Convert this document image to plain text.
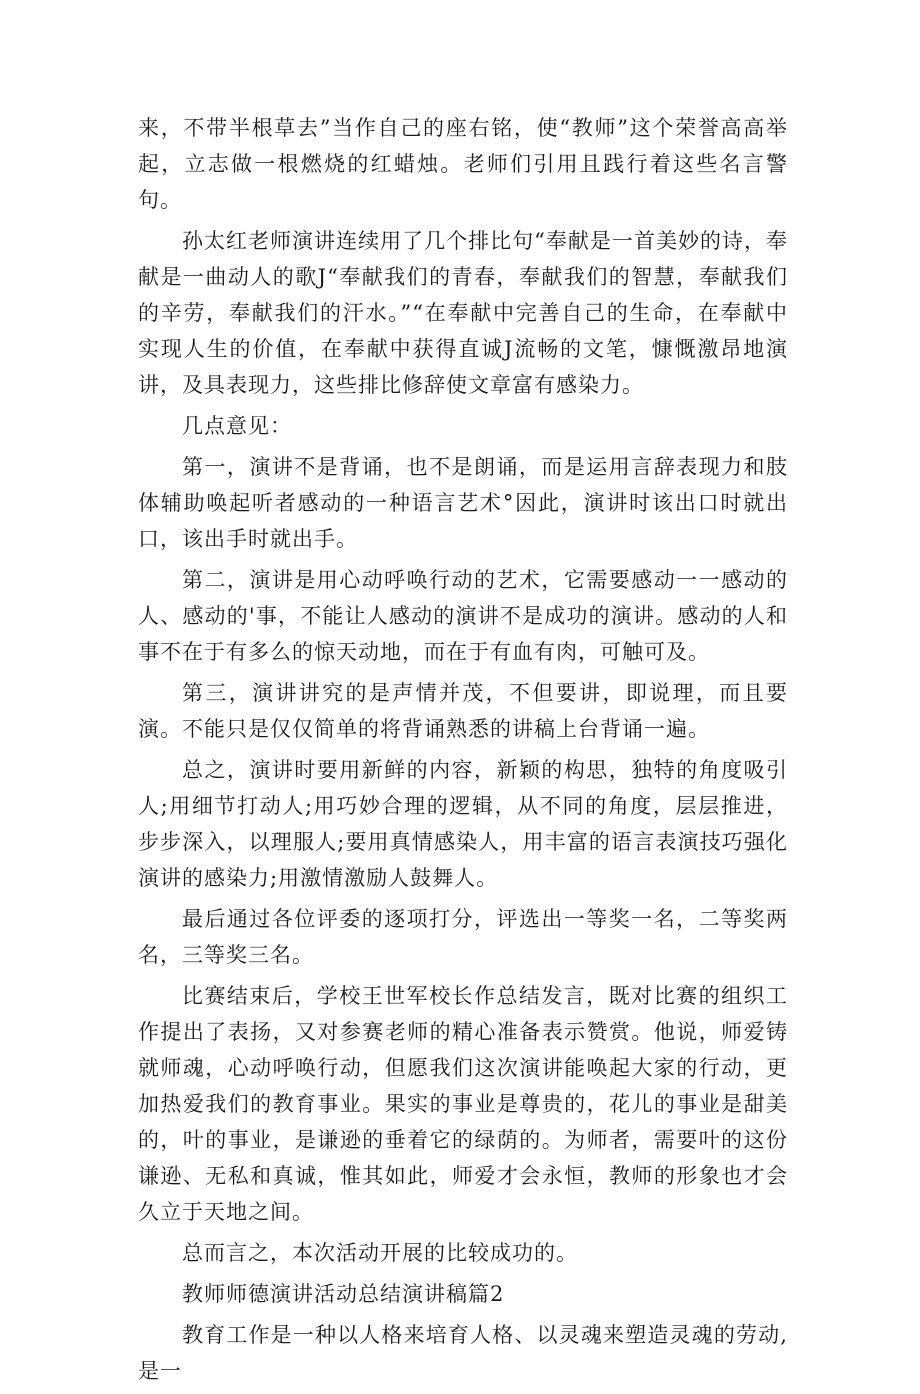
来，不带半根草去”当作自己的座右铭，使“教师”这个荣誉高高举起，立志做一根燃烧的红蜡烛。老师们引用且践行着这些名言警句。

孙太红老师演讲连续用了几个排比句“奉献是一首美妙的诗，奉献是一曲动人的歌J“奉献我们的青春，奉献我们的智慧，奉献我们的辛劳，奉献我们的汗水。”“在奉献中完善自己的生命，在奉献中实现人生的价值，在奉献中获得直诚J流畅的文笔，慷慨激昂地演讲，及具表现力，这些排比修辞使文章富有感染力。

几点意见：

第一，演讲不是背诵，也不是朗诵，而是运用言辞表现力和肢体辅助唤起听者感动的一种语言艺术°因此，演讲时该出口时就出口，该出手时就出手。

第二，演讲是用心动呼唤行动的艺术，它需要感动一一感动的人、感动的'事，不能让人感动的演讲不是成功的演讲。感动的人和事不在于有多么的惊天动地，而在于有血有肉，可触可及。

第三，演讲讲究的是声情并茂，不但要讲，即说理，而且要演。不能只是仅仅简单的将背诵熟悉的讲稿上台背诵一遍。

总之，演讲时要用新鲜的内容，新颖的构思，独特的角度吸引人;用细节打动人;用巧妙合理的逻辑，从不同的角度，层层推进，步步深入，以理服人;要用真情感染人，用丰富的语言表演技巧强化演讲的感染力;用激情激励人鼓舞人。

最后通过各位评委的逐项打分，评选出一等奖一名，二等奖两名，三等奖三名。

比赛结束后，学校王世军校长作总结发言，既对比赛的组织工作提出了表扬，又对参赛老师的精心准备表示赞赏。他说，师爱铸就师魂，心动呼唤行动，但愿我们这次演讲能唤起大家的行动，更加热爱我们的教育事业。果实的事业是尊贵的，花儿的事业是甜美的，叶的事业，是谦逊的垂着它的绿荫的。为师者，需要叶的这份谦逊、无私和真诚，惟其如此，师爱才会永恒，教师的形象也才会久立于天地之间。

总而言之，本次活动开展的比较成功的。

教师师德演讲活动总结演讲稿篇2

教育工作是一种以人格来培育人格、以灵魂来塑造灵魂的劳动,是一
